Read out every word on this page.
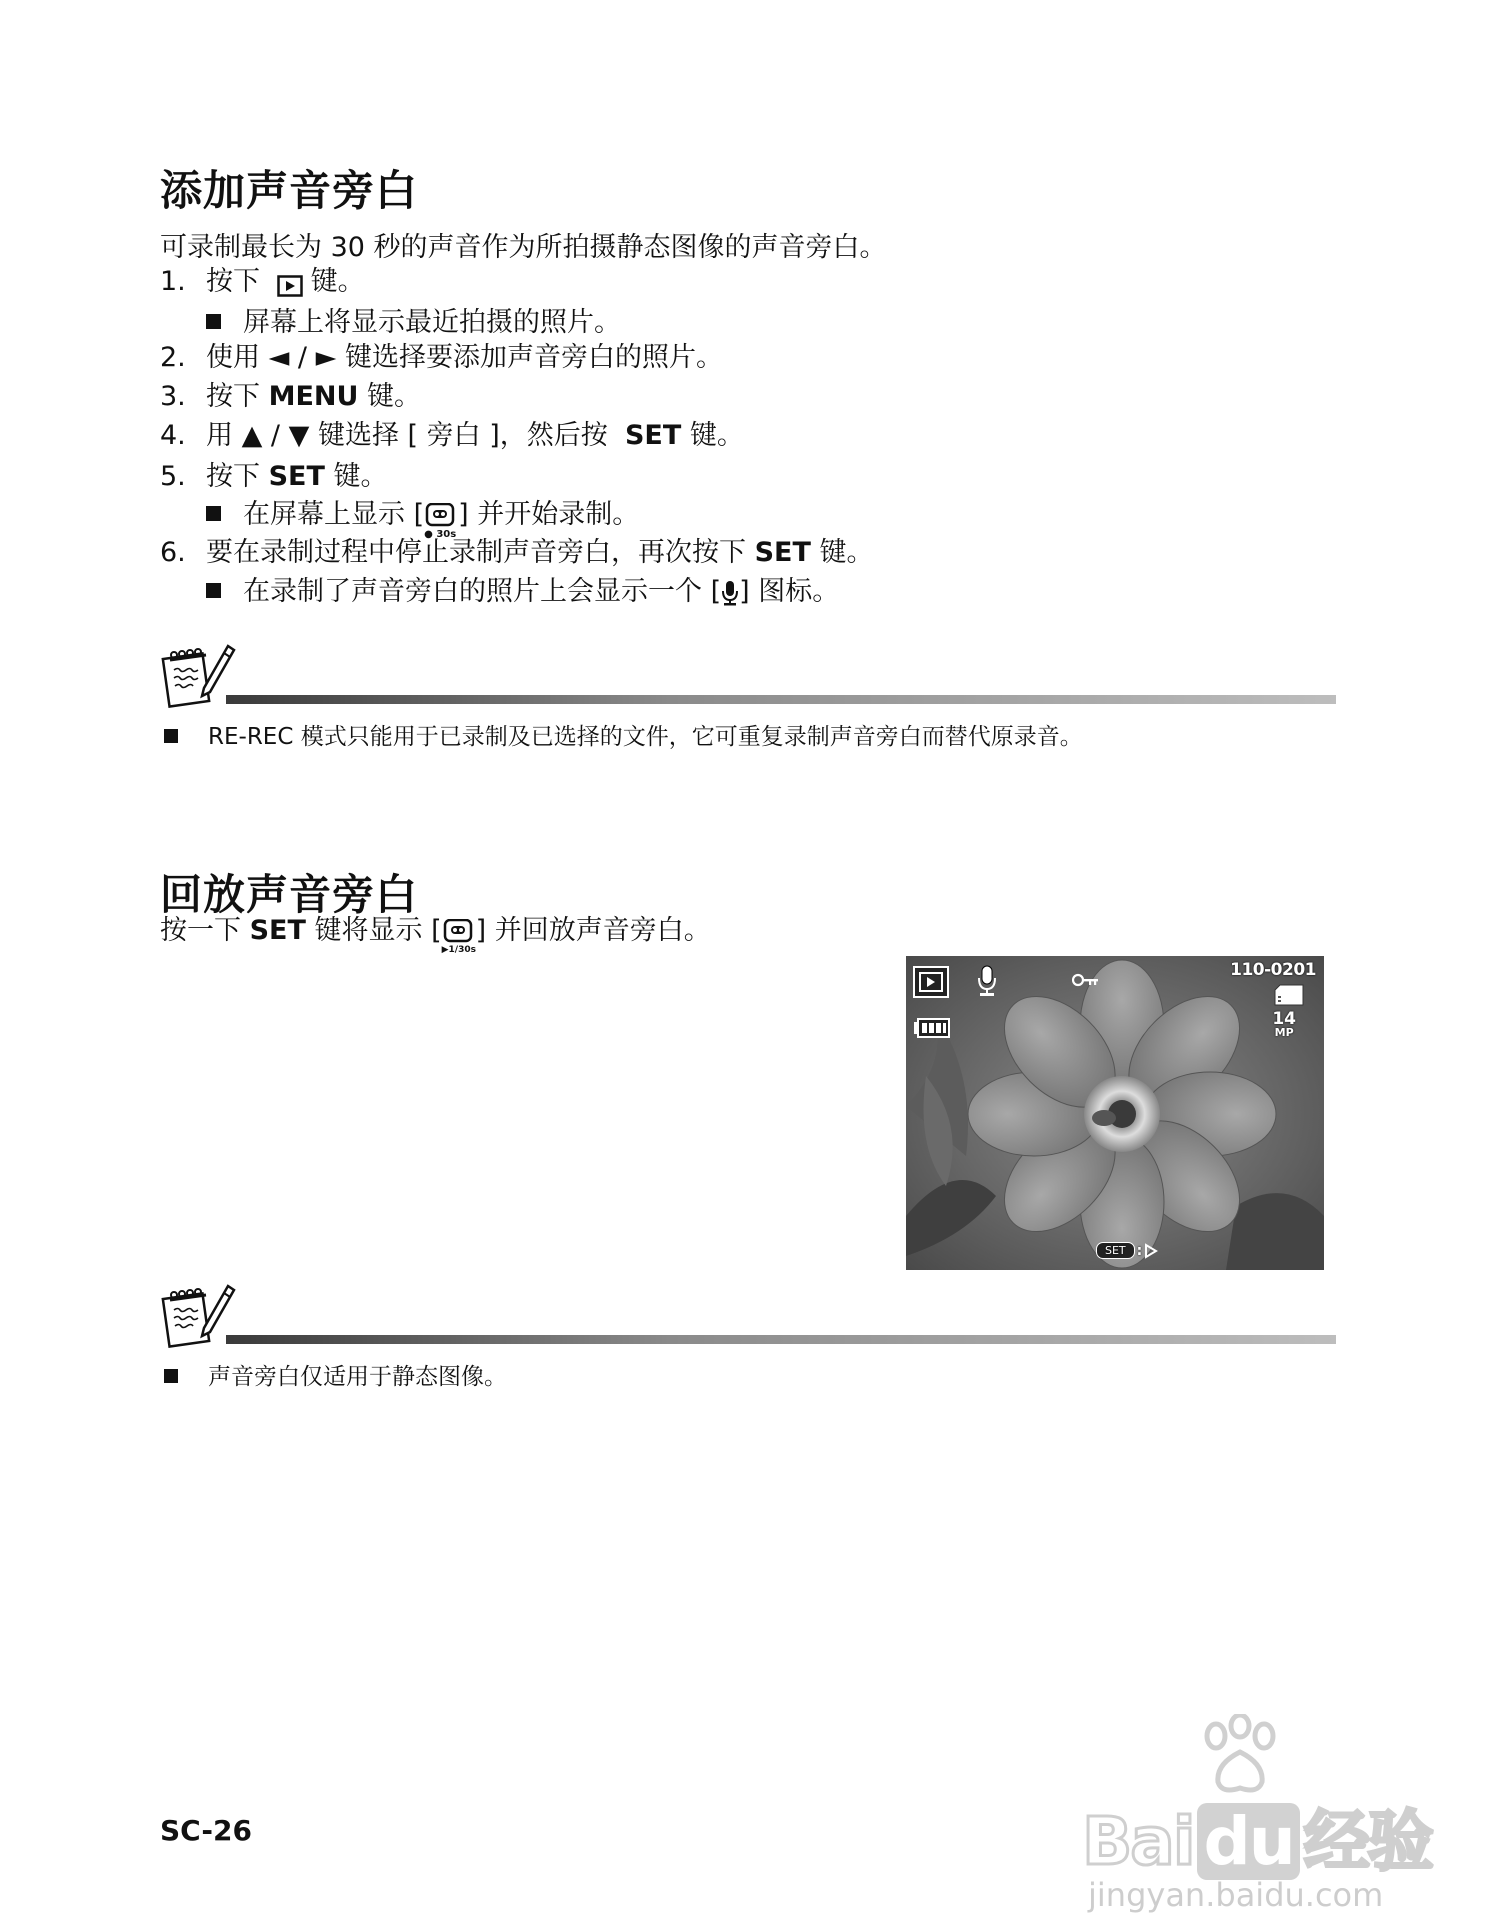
添加声音旁白
可录制最长为 30 秒的声音作为所拍摄静态图像的声音旁白。
1. 按下 键。
屏幕上将显示最近拍摄的照片。
2. 使用 ◄ / ► 键选择要添加声音旁白的照片。
3. 按下 MENU 键。
4. 用 ▲ / ▼ 键选择 [ 旁白 ]，然后按 SET 键。
5. 按下 SET 键。
在屏幕上显示 [
● 30s
] 并开始录制。
6. 要在录制过程中停止录制声音旁白，再次按下 SET 键。
在录制了声音旁白的照片上会显示一个 [ ] 图标。
RE-REC 模式只能用于已录制及已选择的文件，它可重复录制声音旁白而替代原录音。
回放声音旁白
按一下 SET 键将显示 [
▶1/30s
] 并回放声音旁白。
110-0201
14
MP
SET :
声音旁白仅适用于静态图像。
SC-26	Bai du 经验
jingyan.baidu.com
